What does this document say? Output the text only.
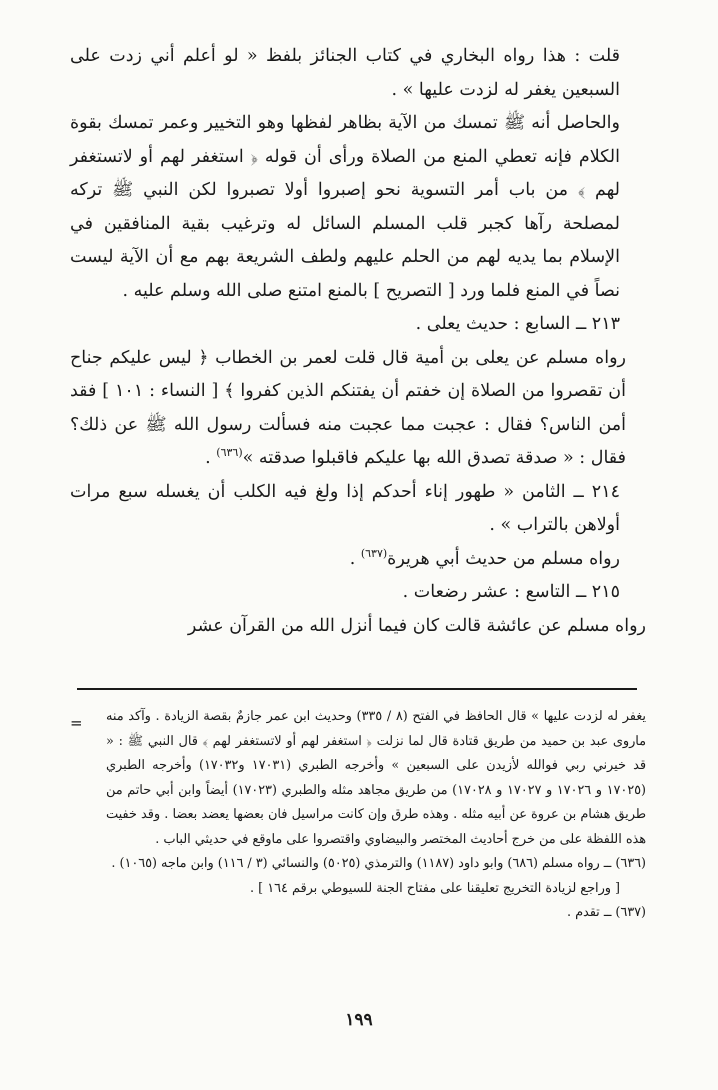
قلت : هذا رواه البخاري في كتاب الجنائز بلفظ « لو أعلم أني زدت على السبعين يغفر له لزدت عليها » .

والحاصل أنه ﷺ تمسك من الآية بظاهر لفظها وهو التخيير وعمر تمسك بقوة الكلام فإنه تعطي المنع من الصلاة ورأى أن قوله ﴿ استغفر لهم أو لاتستغفر لهم ﴾ من باب أمر التسوية نحو إصبروا أولا تصبروا لكن النبي ﷺ تركه لمصلحة رآها كجبر قلب المسلم السائل له وترغيب بقية المنافقين في الإسلام بما يديه لهم من الحلم عليهم ولطف الشريعة بهم مع أن الآية ليست نصاً في المنع فلما ورد [ التصريح ] بالمنع امتنع صلى الله وسلم عليه .

٢١٣ ــ السابع : حديث يعلى .

رواه مسلم عن يعلى بن أمية قال قلت لعمر بن الخطاب ﴿ ليس عليكم جناح أن تقصروا من الصلاة إن خفتم أن يفتنكم الذين كفروا ﴾ [ النساء : ١٠١ ] فقد أمن الناس؟ فقال : عجبت مما عجبت منه فسألت رسول الله ﷺ عن ذلك؟ فقال : « صدقة تصدق الله بها عليكم فاقبلوا صدقته »$^{(٦٣٦)}$ .

٢١٤ ــ الثامن « طهور إناء أحدكم إذا ولغ فيه الكلب أن يغسله سبع مرات أولاهن بالتراب » .

رواه مسلم من حديث أبي هريرة$^{(٦٣٧)}$ .

٢١٥ ــ التاسع : عشر رضعات .

رواه مسلم عن عائشة قالت كان فيما أنزل الله من القرآن عشر

= يغفر له لزدت عليها » قال الحافظ في الفتح (٨ / ٣٣٥) وحديث ابن عمر جازمٌ بقصة الزيادة . وآكد منه ماروى عبد بن حميد من طريق قتادة قال لما نزلت ﴿ استغفر لهم أو لاتستغفر لهم ﴾ قال النبي ﷺ : « قد خيرني ربي فوالله لأزيدن على السبعين » وأخرجه الطبري (١٧٠٣١ و١٧٠٣٢) وأخرجه الطبري (١٧٠٢٥ و ١٧٠٢٦ و ١٧٠٢٧ و ١٧٠٢٨) من طريق مجاهد مثله والطبري (١٧٠٢٣) أيضاً وابن أبي حاتم من طريق هشام بن عروة عن أبيه مثله . وهذه طرق وإن كانت مراسيل فان بعضها يعضد بعضا . وقد خفيت هذه اللفظة على من خرج أحاديث المختصر والبيضاوي واقتصروا على ماوقع في حديثي الباب .

(٦٣٦) ــ رواه مسلم (٦٨٦) وابو داود (١١٨٧) والترمذي (٥٠٢٥) والنسائي (٣ / ١١٦) وابن ماجه (١٠٦٥) .

[ وراجع لزيادة التخريج تعليقنا على مفتاح الجنة للسيوطي برقم ١٦٤ ] .

(٦٣٧) ــ تقدم .

١٩٩
